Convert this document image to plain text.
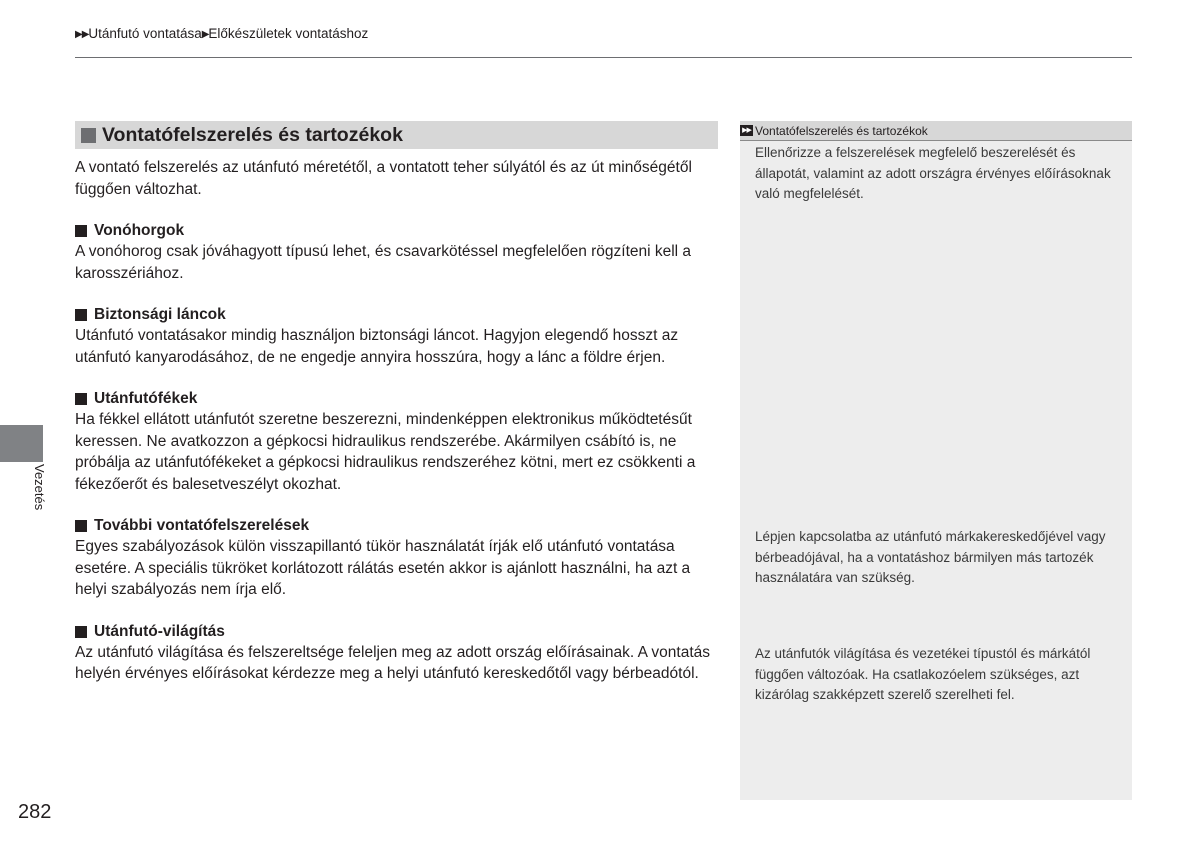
▶▶Utánfutó vontatása▶Előkészületek vontatáshoz
Vontatófelszerelés és tartozékok

A vontató felszerelés az utánfutó méretétől, a vontatott teher súlyától és az út minőségétől függően változhat.

Vonóhorgok

A vonóhorog csak jóváhagyott típusú lehet, és csavarkötéssel megfelelően rögzíteni kell a karosszériához.

Biztonsági láncok

Utánfutó vontatásakor mindig használjon biztonsági láncot. Hagyjon elegendő hosszt az utánfutó kanyarodásához, de ne engedje annyira hosszúra, hogy a lánc a földre érjen.

Utánfutófékek

Ha fékkel ellátott utánfutót szeretne beszerezni, mindenképpen elektronikus működtetésűt keressen. Ne avatkozzon a gépkocsi hidraulikus rendszerébe. Akármilyen csábító is, ne próbálja az utánfutófékeket a gépkocsi hidraulikus rendszeréhez kötni, mert ez csökkenti a fékezőerőt és balesetveszélyt okozhat.

További vontatófelszerelések

Egyes szabályozások külön visszapillantó tükör használatát írják elő utánfutó vontatása esetére. A speciális tükröket korlátozott rálátás esetén akkor is ajánlott használni, ha azt a helyi szabályozás nem írja elő.

Utánfutó-világítás

Az utánfutó világítása és felszereltsége feleljen meg az adott ország előírásainak. A vontatás helyén érvényes előírásokat kérdezze meg a helyi utánfutó kereskedőtől vagy bérbeadótól.

▶▶ Vontatófelszerelés és tartozékok

Ellenőrizze a felszerelések megfelelő beszerelését és állapotát, valamint az adott országra érvényes előírásoknak való megfelelését.

Lépjen kapcsolatba az utánfutó márkakereskedőjével vagy bérbeadójával, ha a vontatáshoz bármilyen más tartozék használatára van szükség.

Az utánfutók világítása és vezetékei típustól és márkától függően változóak. Ha csatlakozóelem szükséges, azt kizárólag szakképzett szerelő szerelheti fel.

Vezetés
282
